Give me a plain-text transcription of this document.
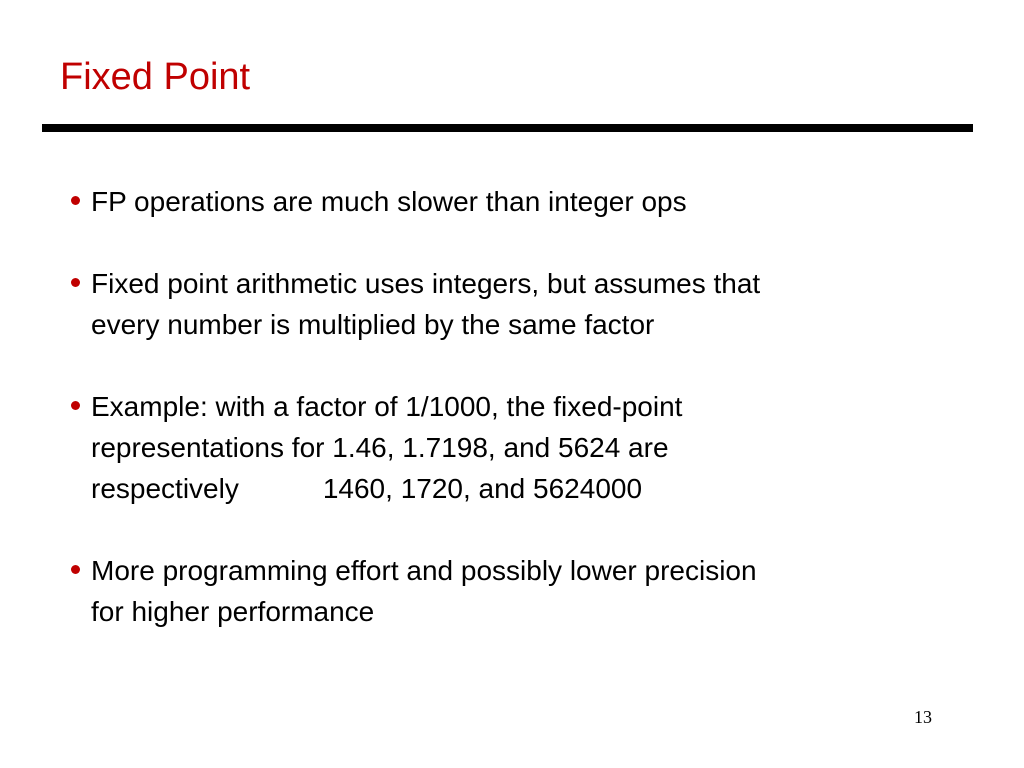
Fixed Point
FP operations are much slower than integer ops
Fixed point arithmetic uses integers, but assumes that
every number is multiplied by the same factor
Example: with a factor of 1/1000, the fixed-point
representations for 1.46, 1.7198, and 5624 are
respectively	1460, 1720, and 5624000
More programming effort and possibly lower precision
for higher performance
13
